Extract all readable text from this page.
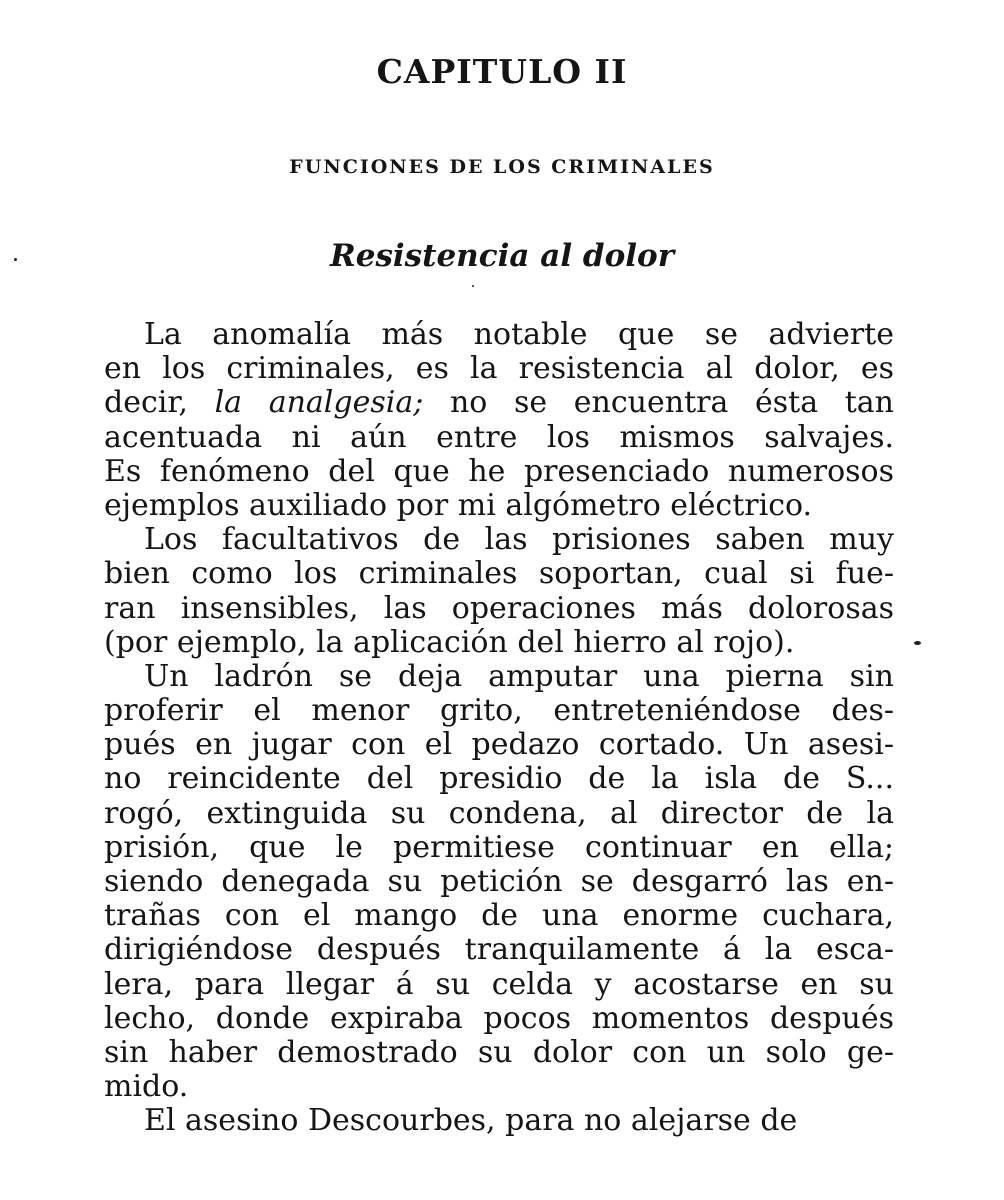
CAPITULO II
FUNCIONES DE LOS CRIMINALES
Resistencia al dolor
La anomalía más notable que se advierte
en los criminales, es la resistencia al dolor, es
decir, la analgesia; no se encuentra ésta tan
acentuada ni aún entre los mismos salvajes.
Es fenómeno del que he presenciado numerosos
ejemplos auxiliado por mi algómetro eléctrico.
Los facultativos de las prisiones saben muy
bien como los criminales soportan, cual si fue-
ran insensibles, las operaciones más dolorosas
(por ejemplo, la aplicación del hierro al rojo).
Un ladrón se deja amputar una pierna sin
proferir el menor grito, entreteniéndose des-
pués en jugar con el pedazo cortado. Un asesi-
no reincidente del presidio de la isla de S...
rogó, extinguida su condena, al director de la
prisión, que le permitiese continuar en ella;
siendo denegada su petición se desgarró las en-
trañas con el mango de una enorme cuchara,
dirigiéndose después tranquilamente á la esca-
lera, para llegar á su celda y acostarse en su
lecho, donde expiraba pocos momentos después
sin haber demostrado su dolor con un solo ge-
mido.
El asesino Descourbes, para no alejarse de
